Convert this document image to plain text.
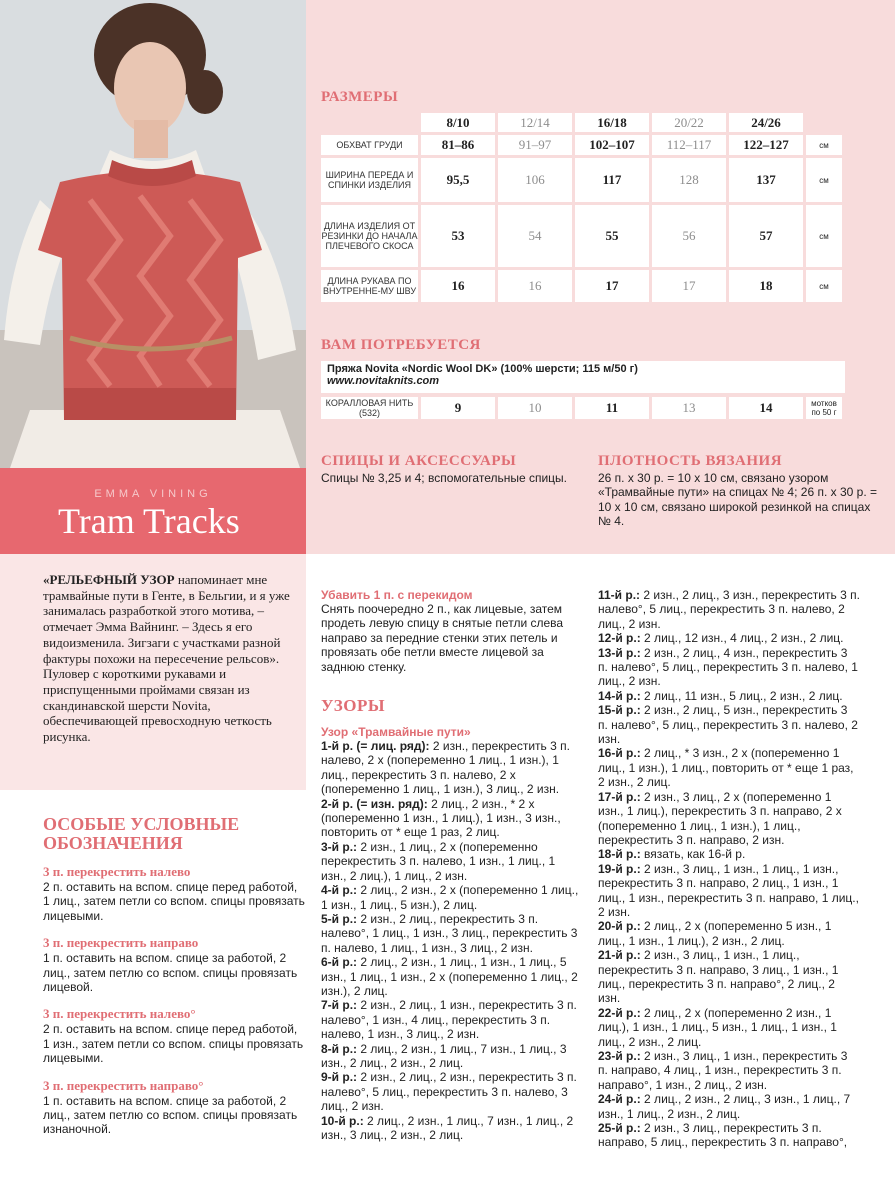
EMMA VINING
Tram Tracks
РАЗМЕРЫ
	8/10	12/14	16/18	20/22	24/26	
ОБХВАТ ГРУДИ	81–86	91–97	102–107	112–117	122–127	см
ШИРИНА ПЕРЕДА И СПИНКИ ИЗДЕЛИЯ	95,5	106	117	128	137	см
ДЛИНА ИЗДЕЛИЯ ОТ РЕЗИНКИ ДО НАЧАЛА ПЛЕЧЕВОГО СКОСА	53	54	55	56	57	см
ДЛИНА РУКАВА ПО ВНУТРЕННЕ-МУ ШВУ	16	16	17	17	18	см
ВАМ ПОТРЕБУЕТСЯ
Пряжа Novita «Nordic Wool DK» (100% шерсти; 115 м/50 г)
www.novitaknits.com
КОРАЛЛОВАЯ НИТЬ (532)	9	10	11	13	14	мотков по 50 г
СПИЦЫ И АКСЕССУАРЫ
Спицы № 3,25 и 4; вспомогательные спицы.
ПЛОТНОСТЬ ВЯЗАНИЯ
26 п. х 30 р. = 10 х 10 см, связано узором «Трамвайные пути» на спицах № 4; 26 п. х 30 р. = 10 х 10 см, связано широкой резинкой на спицах № 4.
«РЕЛЬЕФНЫЙ УЗОР напоминает мне трамвайные пути в Генте, в Бельгии, и я уже занималась разработкой этого мотива, – отмечает Эмма Вайнинг. – Здесь я его видоизменила. Зигзаги с участками разной фактуры похожи на пересечение рельсов». Пуловер с короткими рукавами и приспущенными проймами связан из скандинавской шерсти Novita, обеспечивающей превосходную четкость рисунка.
ОСОБЫЕ УСЛОВНЫЕ ОБОЗНАЧЕНИЯ
3 п. перекрестить налево
2 п. оставить на вспом. спице перед работой, 1 лиц., затем петли со вспом. спицы провязать лицевыми.
3 п. перекрестить направо
1 п. оставить на вспом. спице за работой, 2 лиц., затем петлю со вспом. спицы провязать лицевой.
3 п. перекрестить налево°
2 п. оставить на вспом. спице перед работой, 1 изн., затем петли со вспом. спицы провязать лицевыми.
3 п. перекрестить направо°
1 п. оставить на вспом. спице за работой, 2 лиц., затем петлю со вспом. спицы провязать изнаночной.
Убавить 1 п. с перекидом
Снять поочередно 2 п., как лицевые, затем продеть левую спицу в снятые петли слева направо за передние стенки этих петель и провязать обе петли вместе лицевой за заднюю стенку.
УЗОРЫ
Узор «Трамвайные пути»
1-й р. (= лиц. ряд): 2 изн., перекрестить 3 п. налево, 2 х (попеременно 1 лиц., 1 изн.), 1 лиц., перекрестить 3 п. налево, 2 х (попеременно 1 лиц., 1 изн.), 3 лиц., 2 изн.
2-й р. (= изн. ряд): 2 лиц., 2 изн., * 2 х (попеременно 1 изн., 1 лиц.), 1 изн., 3 изн., повторить от * еще 1 раз, 2 лиц.
3-й р.: 2 изн., 1 лиц., 2 х (попеременно перекрестить 3 п. налево, 1 изн., 1 лиц., 1 изн., 2 лиц.), 1 лиц., 2 изн.
4-й р.: 2 лиц., 2 изн., 2 х (попеременно 1 лиц., 1 изн., 1 лиц., 5 изн.), 2 лиц.
5-й р.: 2 изн., 2 лиц., перекрестить 3 п. налево°, 1 лиц., 1 изн., 3 лиц., перекрестить 3 п. налево, 1 лиц., 1 изн., 3 лиц., 2 изн.
6-й р.: 2 лиц., 2 изн., 1 лиц., 1 изн., 1 лиц., 5 изн., 1 лиц., 1 изн., 2 х (попеременно 1 лиц., 2 изн.), 2 лиц.
7-й р.: 2 изн., 2 лиц., 1 изн., перекрестить 3 п. налево°, 1 изн., 4 лиц., перекрестить 3 п. налево, 1 изн., 3 лиц., 2 изн.
8-й р.: 2 лиц., 2 изн., 1 лиц., 7 изн., 1 лиц., 3 изн., 2 лиц., 2 изн., 2 лиц.
9-й р.: 2 изн., 2 лиц., 2 изн., перекрестить 3 п. налево°, 5 лиц., перекрестить 3 п. налево, 3 лиц., 2 изн.
10-й р.: 2 лиц., 2 изн., 1 лиц., 7 изн., 1 лиц., 2 изн., 3 лиц., 2 изн., 2 лиц.
11-й р.: 2 изн., 2 лиц., 3 изн., перекрестить 3 п. налево°, 5 лиц., перекрестить 3 п. налево, 2 лиц., 2 изн.
12-й р.: 2 лиц., 12 изн., 4 лиц., 2 изн., 2 лиц.
13-й р.: 2 изн., 2 лиц., 4 изн., перекрестить 3 п. налево°, 5 лиц., перекрестить 3 п. налево, 1 лиц., 2 изн.
14-й р.: 2 лиц., 11 изн., 5 лиц., 2 изн., 2 лиц.
15-й р.: 2 изн., 2 лиц., 5 изн., перекрестить 3 п. налево°, 5 лиц., перекрестить 3 п. налево, 2 изн.
16-й р.: 2 лиц., * 3 изн., 2 х (попеременно 1 лиц., 1 изн.), 1 лиц., повторить от * еще 1 раз, 2 изн., 2 лиц.
17-й р.: 2 изн., 3 лиц., 2 х (попеременно 1 изн., 1 лиц.), перекрестить 3 п. направо, 2 х (попеременно 1 лиц., 1 изн.), 1 лиц., перекрестить 3 п. направо, 2 изн.
18-й р.: вязать, как 16-й р.
19-й р.: 2 изн., 3 лиц., 1 изн., 1 лиц., 1 изн., перекрестить 3 п. направо, 2 лиц., 1 изн., 1 лиц., 1 изн., перекрестить 3 п. направо, 1 лиц., 2 изн.
20-й р.: 2 лиц., 2 х (попеременно 5 изн., 1 лиц., 1 изн., 1 лиц.), 2 изн., 2 лиц.
21-й р.: 2 изн., 3 лиц., 1 изн., 1 лиц., перекрестить 3 п. направо, 3 лиц., 1 изн., 1 лиц., перекрестить 3 п. направо°, 2 лиц., 2 изн.
22-й р.: 2 лиц., 2 х (попеременно 2 изн., 1 лиц.), 1 изн., 1 лиц., 5 изн., 1 лиц., 1 изн., 1 лиц., 2 изн., 2 лиц.
23-й р.: 2 изн., 3 лиц., 1 изн., перекрестить 3 п. направо, 4 лиц., 1 изн., перекрестить 3 п. направо°, 1 изн., 2 лиц., 2 изн.
24-й р.: 2 лиц., 2 изн., 2 лиц., 3 изн., 1 лиц., 7 изн., 1 лиц., 2 изн., 2 лиц.
25-й р.: 2 изн., 3 лиц., перекрестить 3 п. направо, 5 лиц., перекрестить 3 п. направо°,
